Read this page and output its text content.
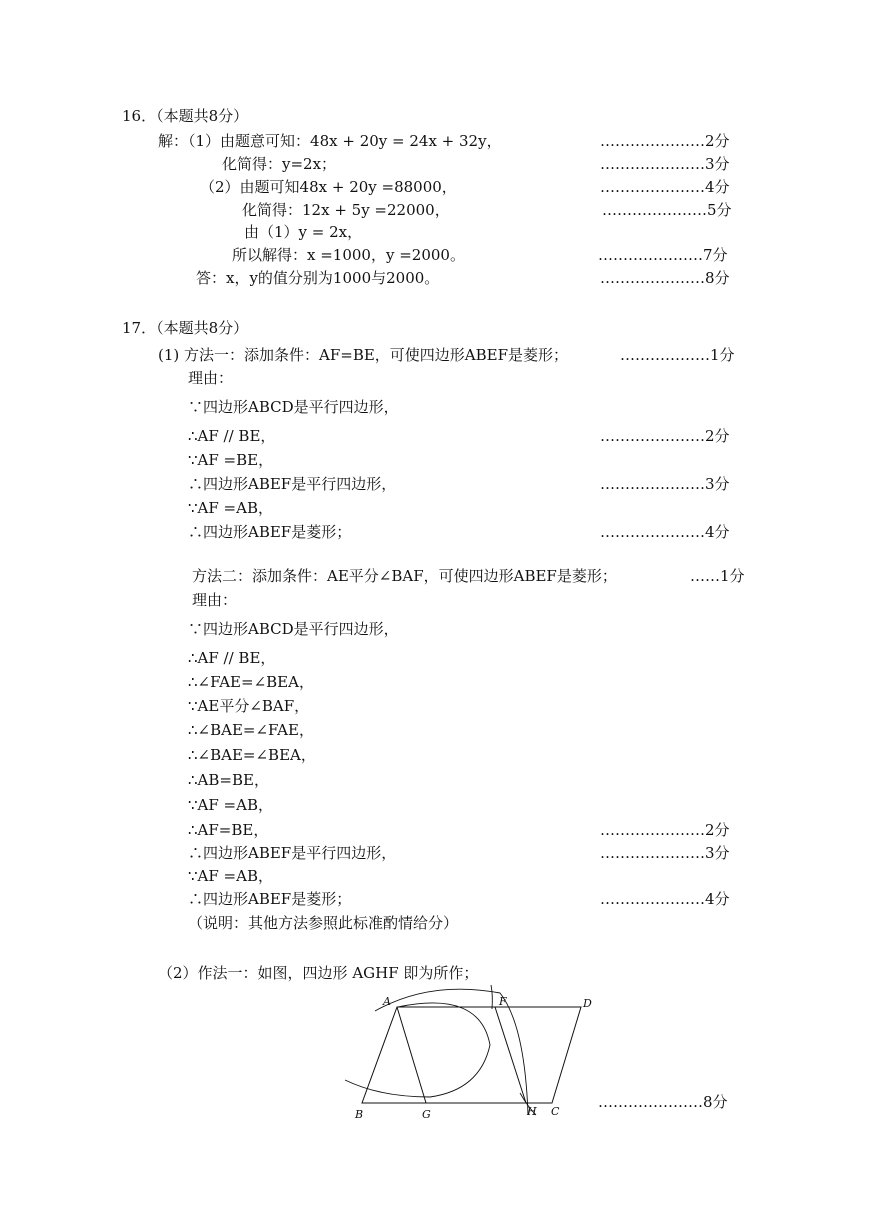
16．（本题共8分）
解：（1）由题意可知：48x + 20y = 24x + 32y，	…………………2分
化简得：y=2x；	…………………3分
（2）由题可知48x + 20y =88000，	…………………4分
化简得：12x + 5y =22000，	…………………5分
由（1）y = 2x，
所以解得：x =1000，y =2000。	…………………7分
答：x，y的值分别为1000与2000。	…………………8分
17．（本题共8分）
(1) 方法一：添加条件：AF=BE，可使四边形ABEF是菱形；	………………1分
理由：
∵四边形ABCD是平行四边形，
∴AF // BE，	…………………2分
∵AF =BE，
∴四边形ABEF是平行四边形，	…………………3分
∵AF =AB，
∴四边形ABEF是菱形；	…………………4分
方法二：添加条件：AE平分∠BAF，可使四边形ABEF是菱形；	……1分
理由：
∵四边形ABCD是平行四边形，
∴AF // BE，
∴∠FAE=∠BEA，
∵AE平分∠BAF，
∴∠BAE=∠FAE，
∴∠BAE=∠BEA，
∴AB=BE，
∵AF =AB，
∴AF=BE，	…………………2分
∴四边形ABEF是平行四边形，	…………………3分
∵AF =AB，
∴四边形ABEF是菱形；	…………………4分
（说明：其他方法参照此标准酌情给分）
（2）作法一：如图，四边形 AGHF 即为所作；
A	F	D
B	G	H C
…………………8分
